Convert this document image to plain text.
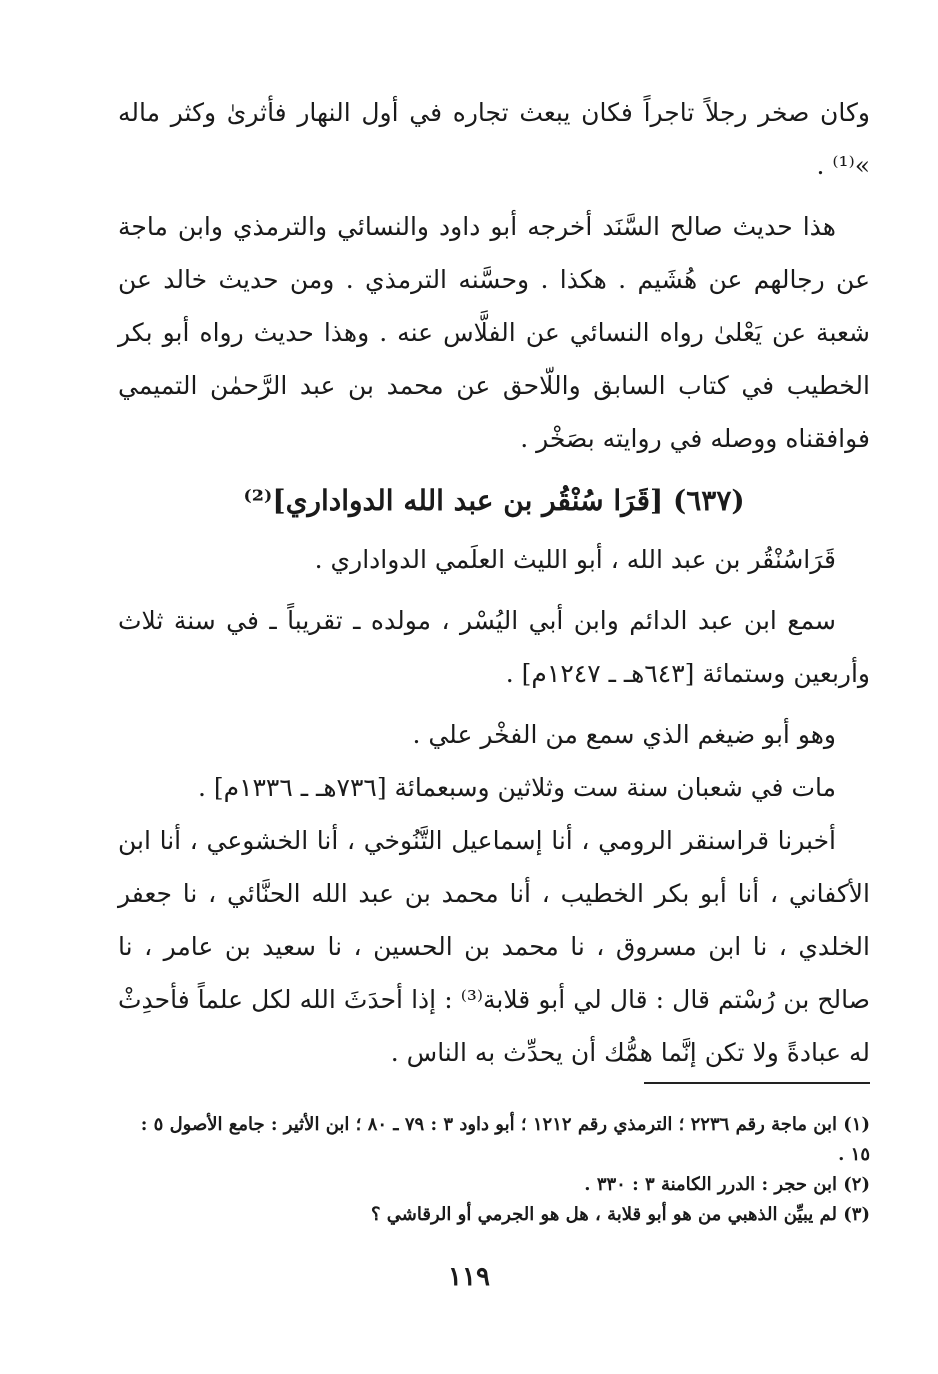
وكان صخر رجلاً تاجراً فكان يبعث تجاره في أول النهار فأثرىٰ وكثر ماله »⁽¹⁾ .

هذا حديث صالح السَّنَد أخرجه أبو داود والنسائي والترمذي وابن ماجة عن رجالهم عن هُشَيم . هكذا . وحسَّنه الترمذي . ومن حديث خالد عن شعبة عن يَعْلىٰ رواه النسائي عن الفلَّاس عنه . وهذا حديث رواه أبو بكر الخطيب في كتاب السابق واللّاحق عن محمد بن عبد الرَّحمٰن التميمي فوافقناه ووصله في روايته بصَخْر .

(٦٣٧) [قَرَا سُنْقُر بن عبد الله الدواداري]⁽²⁾

قَرَاسُنْقُر بن عبد الله ، أبو الليث العلَمي الدواداري .

سمع ابن عبد الدائم وابن أبي اليُسْر ، مولده ـ تقريباً ـ في سنة ثلاث وأربعين وستمائة [٦٤٣هـ ـ ١٢٤٧م] .

وهو أبو ضيغم الذي سمع من الفخْر علي .

مات في شعبان سنة ست وثلاثين وسبعمائة [٧٣٦هـ ـ ١٣٣٦م] .

أخبرنا قراسنقر الرومي ، أنا إسماعيل التَّنُوخي ، أنا الخشوعي ، أنا ابن الأكفاني ، أنا أبو بكر الخطيب ، أنا محمد بن عبد الله الحنَّائي ، نا جعفر الخلدي ، نا ابن مسروق ، نا محمد بن الحسين ، نا سعيد بن عامر ، نا صالح بن رُسْتم قال : قال لي أبو قلابة⁽³⁾ : إذا أحدَثَ الله لكل علماً فأحدِثْ له عبادةً ولا تكن إنَّما همُّك أن يحدِّث به الناس .

(١) ابن ماجة رقم ٢٢٣٦ ؛ الترمذي رقم ١٢١٢ ؛ أبو داود ٣ : ٧٩ ـ ٨٠ ؛ ابن الأثير : جامع الأصول ٥ : ١٥ .

(٢) ابن حجر : الدرر الكامنة ٣ : ٣٣٠ .

(٣) لم يبيِّن الذهبي من هو أبو قلابة ، هل هو الجرمي أو الرقاشي ؟

١١٩
